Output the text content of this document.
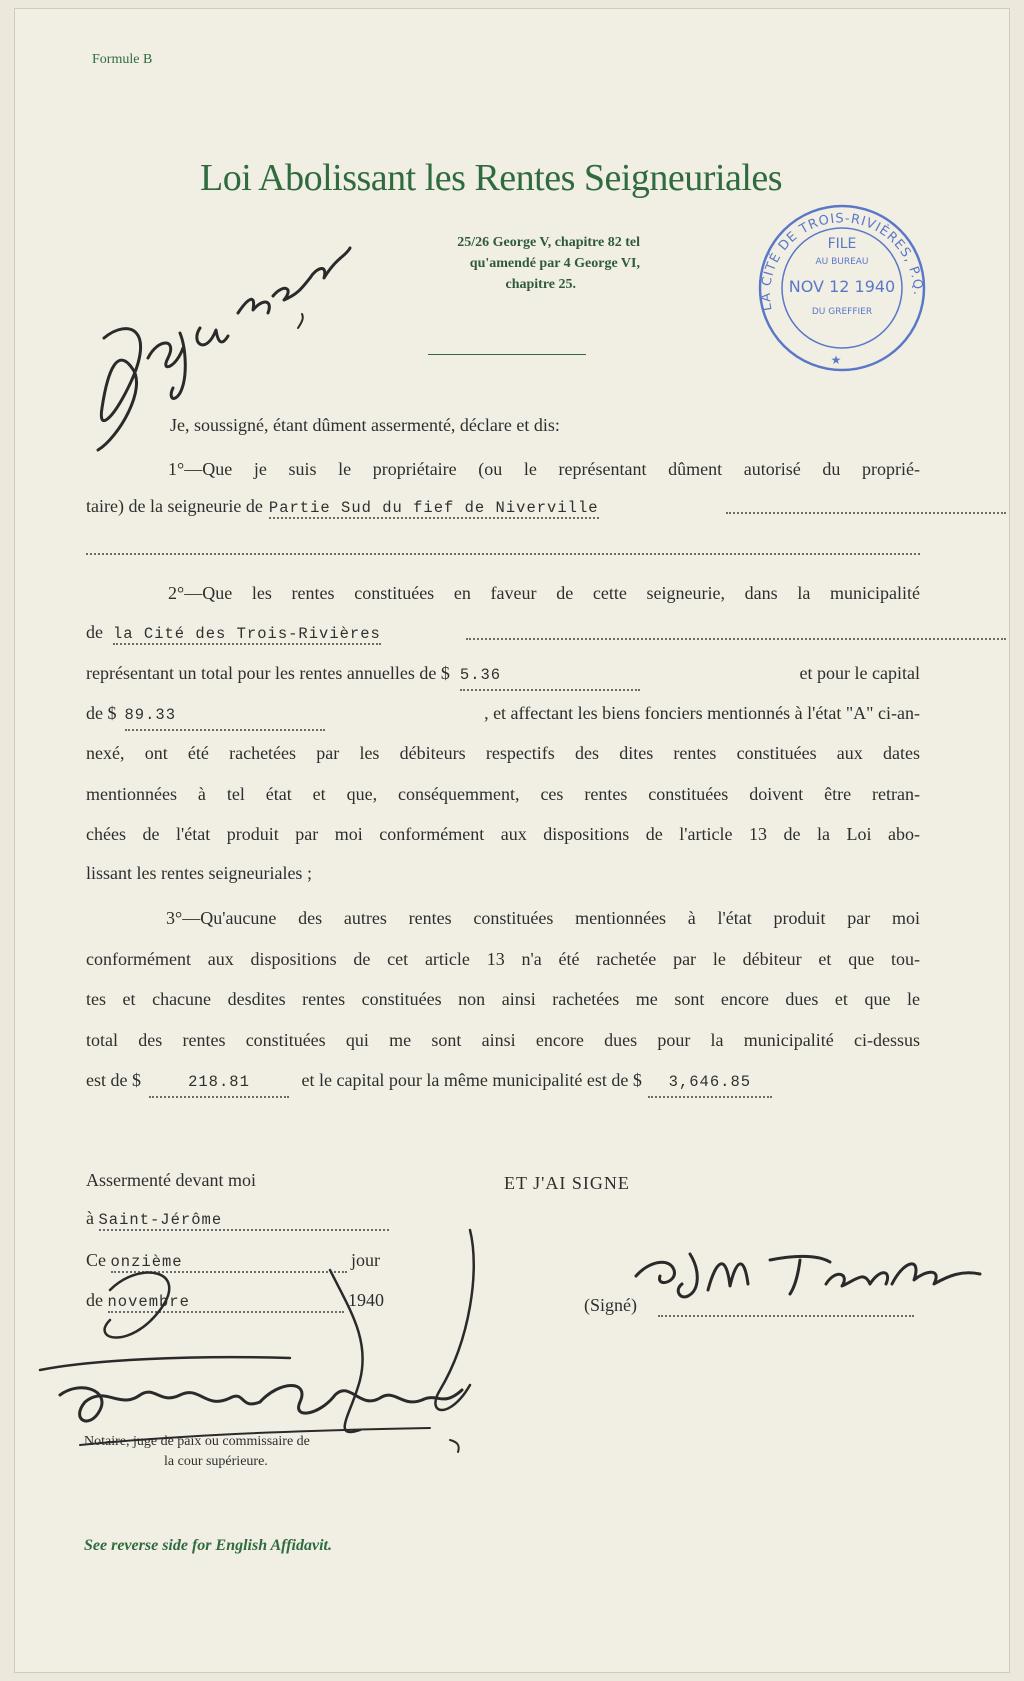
Formule B
Loi Abolissant les Rentes Seigneuriales
25/26 George V, chapitre 82 tel
qu'amendé par 4 George VI,
chapitre 25.
LA CITÉ DE TROIS-RIVIÈRES, P.Q.
FILE
AU BUREAU
NOV 12 1940
DU GREFFIER
★
Je, soussigné, étant dûment assermenté, déclare et dis:
1°—Que je suis le propriétaire (ou le représentant dûment autorisé du proprié-
taire) de la seigneurie de Partie Sud du fief de Niverville
2°—Que les rentes constituées en faveur de cette seigneurie, dans la municipalité
de la Cité des Trois-Rivières
représentant un total pour les rentes annuelles de $ 5.36	et pour le capital
de $ 89.33	, et affectant les biens fonciers mentionnés à l'état "A" ci-an-
nexé, ont été rachetées par les débiteurs respectifs des dites rentes constituées aux dates
mentionnées à tel état et que, conséquemment, ces rentes constituées doivent être retran-
chées de l'état produit par moi conformément aux dispositions de l'article 13 de la Loi abo-
lissant les rentes seigneuriales ;
3°—Qu'aucune des autres rentes constituées mentionnées à l'état produit par moi
conformément aux dispositions de cet article 13 n'a été rachetée par le débiteur et que tou-
tes et chacune desdites rentes constituées non ainsi rachetées me sont encore dues et que le
total des rentes constituées qui me sont ainsi encore dues pour la municipalité ci-dessus
est de $	218.81	et le capital pour la même municipalité est de $ 3,646.85
Assermenté devant moi	ET J'AI SIGNE
à Saint-Jérôme
Ce onzième	jour
de novembre	1940	(Signé)
Notaire, juge de paix ou commissaire de
la cour supérieure.
See reverse side for English Affidavit.
